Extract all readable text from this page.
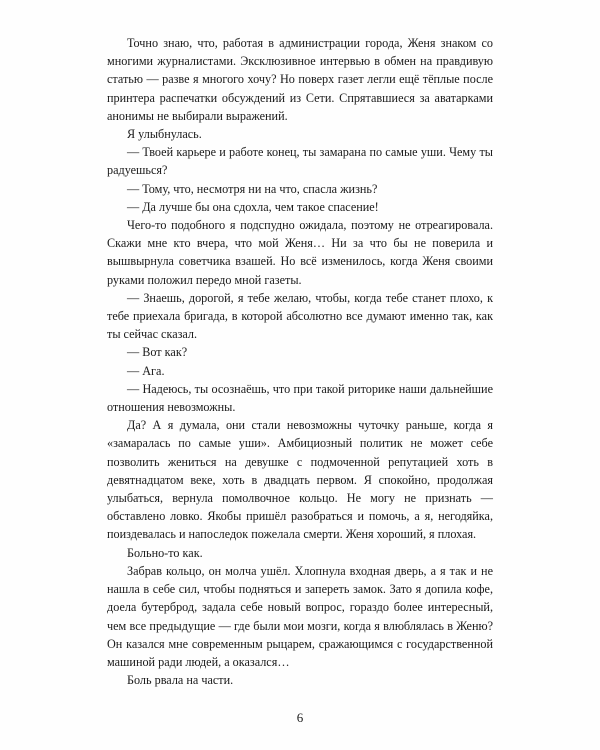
Точно знаю, что, работая в администрации города, Женя знаком со многими журналистами. Эксклюзивное интервью в обмен на правдивую статью — разве я многого хочу? Но поверх газет легли ещё тёплые после принтера распечатки обсуждений из Сети. Спрятавшиеся за аватарками анонимы не выбирали выражений.

Я улыбнулась.

— Твоей карьере и работе конец, ты замарана по самые уши. Чему ты радуешься?

— Тому, что, несмотря ни на что, спасла жизнь?

— Да лучше бы она сдохла, чем такое спасение!

Чего-то подобного я подспудно ожидала, поэтому не отреагировала. Скажи мне кто вчера, что мой Женя… Ни за что бы не поверила и вышвырнула советчика взашей. Но всё изменилось, когда Женя своими руками положил передо мной газеты.

— Знаешь, дорогой, я тебе желаю, чтобы, когда тебе станет плохо, к тебе приехала бригада, в которой абсолютно все думают именно так, как ты сейчас сказал.

— Вот как?

— Ага.

— Надеюсь, ты осознаёшь, что при такой риторике наши дальнейшие отношения невозможны.

Да? А я думала, они стали невозможны чуточку раньше, когда я «замаралась по самые уши». Амбициозный политик не может себе позволить жениться на девушке с подмоченной репутацией хоть в девятнадцатом веке, хоть в двадцать первом. Я спокойно, продолжая улыбаться, вернула помолвочное кольцо. Не могу не признать — обставлено ловко. Якобы пришёл разобраться и помочь, а я, негодяйка, поиздевалась и напоследок пожелала смерти. Женя хороший, я плохая.

Больно-то как.

Забрав кольцо, он молча ушёл. Хлопнула входная дверь, а я так и не нашла в себе сил, чтобы подняться и запереть замок. Зато я допила кофе, доела бутерброд, задала себе новый вопрос, гораздо более интересный, чем все предыдущие — где были мои мозги, когда я влюблялась в Женю? Он казался мне современным рыцарем, сражающимся с государственной машиной ради людей, а оказался…

Боль рвала на части.

6
